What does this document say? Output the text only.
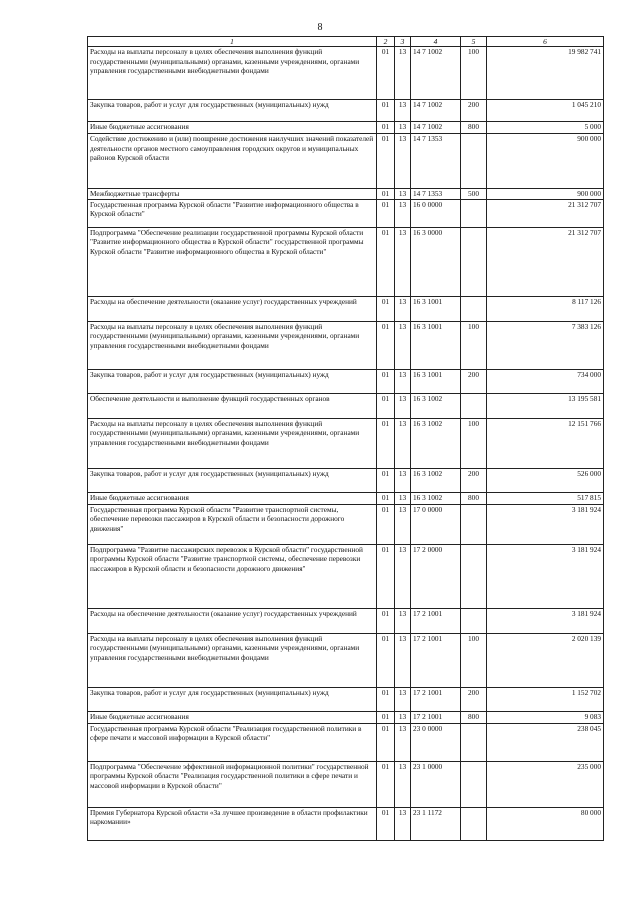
8
1	2	3	4	5	6
Расходы на выплаты персоналу в целях обеспечения выполнения функций государственными (муниципальными) органами, казенными учреждениями, органами управления государственными внебюджетными фондами	01	13	14 7 1002	100	19 982 741
Закупка товаров, работ и услуг для государственных (муниципальных) нужд	01	13	14 7 1002	200	1 045 210
Иные бюджетные ассигнования	01	13	14 7 1002	800	5 000
Содействие достижению и (или) поощрение достижения наилучших значений показателей деятельности органов местного самоуправления городских округов и муниципальных районов Курской области	01	13	14 7 1353		900 000
Межбюджетные трансферты	01	13	14 7 1353	500	900 000
Государственная программа Курской области "Развитие информационного общества в Курской области"	01	13	16 0 0000		21 312 707
Подпрограмма "Обеспечение реализации государственной программы Курской области "Развитие информационного общества в Курской области" государственной программы Курской области "Развитие информационного общества в Курской области"	01	13	16 3 0000		21 312 707
Расходы на обеспечение деятельности (оказание услуг) государственных учреждений	01	13	16 3 1001		8 117 126
Расходы на выплаты персоналу в целях обеспечения выполнения функций государственными (муниципальными) органами, казенными учреждениями, органами управления государственными внебюджетными фондами	01	13	16 3 1001	100	7 383 126
Закупка товаров, работ и услуг для государственных (муниципальных) нужд	01	13	16 3 1001	200	734 000
Обеспечение деятельности и выполнение функций государственных органов	01	13	16 3 1002		13 195 581
Расходы на выплаты персоналу в целях обеспечения выполнения функций государственными (муниципальными) органами, казенными учреждениями, органами управления государственными внебюджетными фондами	01	13	16 3 1002	100	12 151 766
Закупка товаров, работ и услуг для государственных (муниципальных) нужд	01	13	16 3 1002	200	526 000
Иные бюджетные ассигнования	01	13	16 3 1002	800	517 815
Государственная программа Курской области "Развитие транспортной системы, обеспечение перевозки пассажиров в Курской области и безопасности дорожного движения"	01	13	17 0 0000		3 181 924
Подпрограмма "Развитие пассажирских перевозок в Курской области" государственной программы Курской области "Развитие транспортной системы, обеспечение перевозки пассажиров в Курской области и безопасности дорожного движения"	01	13	17 2 0000		3 181 924
Расходы на обеспечение деятельности (оказание услуг) государственных учреждений	01	13	17 2 1001		3 181 924
Расходы на выплаты персоналу в целях обеспечения выполнения функций государственными (муниципальными) органами, казенными учреждениями, органами управления государственными внебюджетными фондами	01	13	17 2 1001	100	2 020 139
Закупка товаров, работ и услуг для государственных (муниципальных) нужд	01	13	17 2 1001	200	1 152 702
Иные бюджетные ассигнования	01	13	17 2 1001	800	9 083
Государственная программа Курской области "Реализация государственной политики в сфере печати и массовой информации в Курской области"	01	13	23 0 0000		238 045
Подпрограмма "Обеспечение эффективной информационной политики" государственной программы Курской области "Реализация государственной политики в сфере печати и массовой информации в Курской области"	01	13	23 1 0000		235 000
Премия Губернатора Курской области «За лучшее произведение в области профилактики наркомании»	01	13	23 1 1172		80 000
